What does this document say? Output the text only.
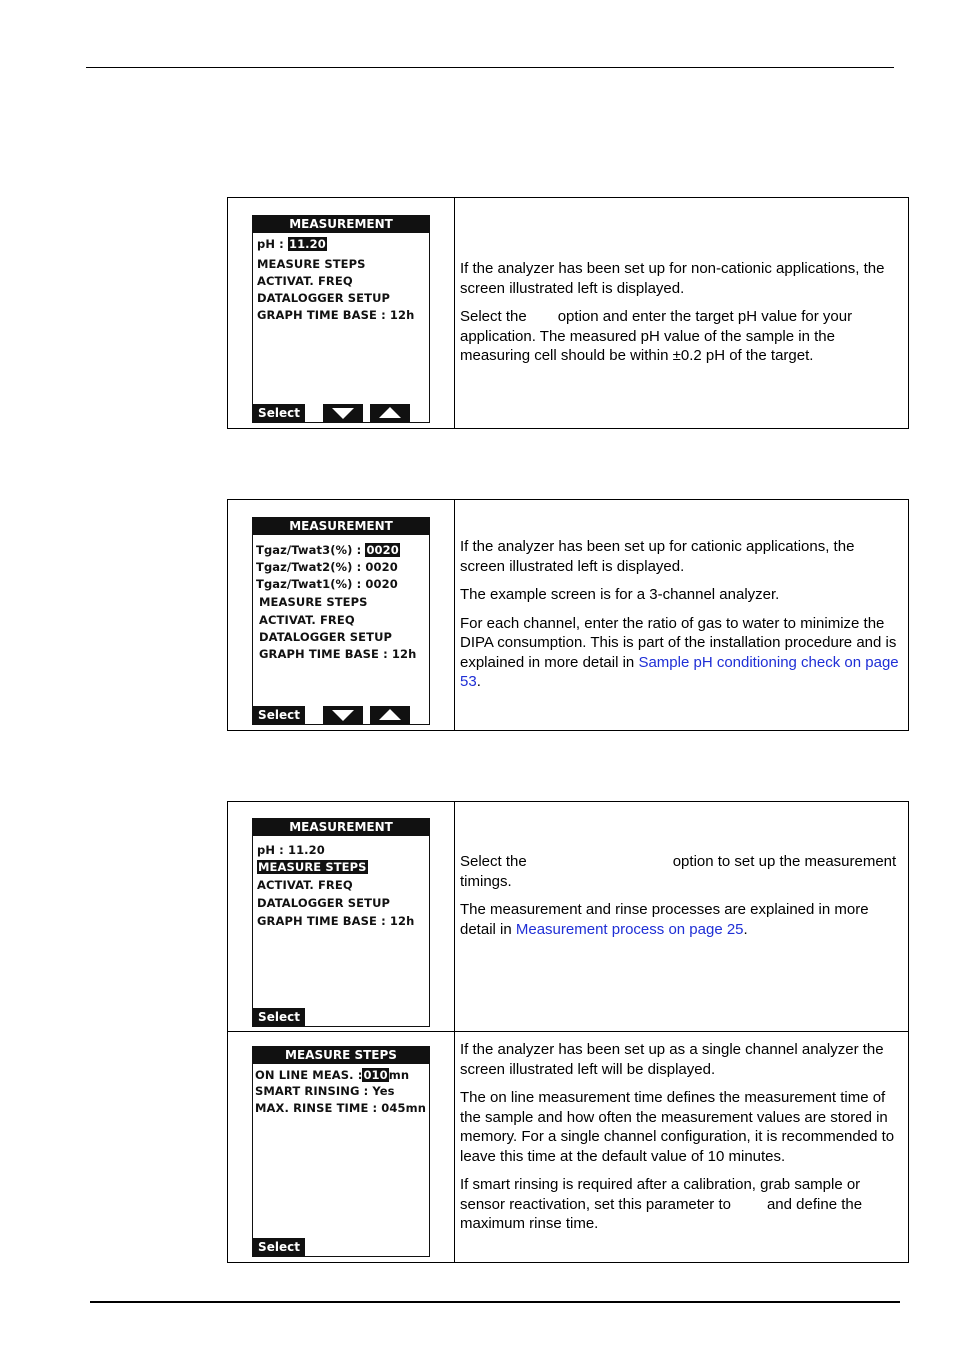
MEASUREMENT
pH : 11.20
MEASURE STEPS
ACTIVAT. FREQ
DATALOGGER SETUP
GRAPH TIME BASE : 12h
Select

If the analyzer has been set up for non-cationic applications, the screen illustrated left is displayed.

Select the option and enter the target pH value for your application. The measured pH value of the sample in the measuring cell should be within ±0.2 pH of the target.

MEASUREMENT
Tgaz/Twat3(%) : 0020
Tgaz/Twat2(%) : 0020
Tgaz/Twat1(%) : 0020
MEASURE STEPS
ACTIVAT. FREQ
DATALOGGER SETUP
GRAPH TIME BASE : 12h
Select

If the analyzer has been set up for cationic applications, the screen illustrated left is displayed.

The example screen is for a 3-channel analyzer.

For each channel, enter the ratio of gas to water to minimize the DIPA consumption. This is part of the installation procedure and is explained in more detail in Sample pH conditioning check on page 53.

MEASUREMENT
pH : 11.20
MEASURE STEPS
ACTIVAT. FREQ
DATALOGGER SETUP
GRAPH TIME BASE : 12h
Select

Select the	option to set up the measurement timings.

The measurement and rinse processes are explained in more detail in Measurement process on page 25.

MEASURE STEPS
ON LINE MEAS. :010mn
SMART RINSING : Yes
MAX. RINSE TIME : 045mn
Select

If the analyzer has been set up as a single channel analyzer the screen illustrated left will be displayed.

The on line measurement time defines the measurement time of the sample and how often the measurement values are stored in memory. For a single channel configuration, it is recommended to leave this time at the default value of 10 minutes.

If smart rinsing is required after a calibration, grab sample or sensor reactivation, set this parameter to and define the maximum rinse time.
